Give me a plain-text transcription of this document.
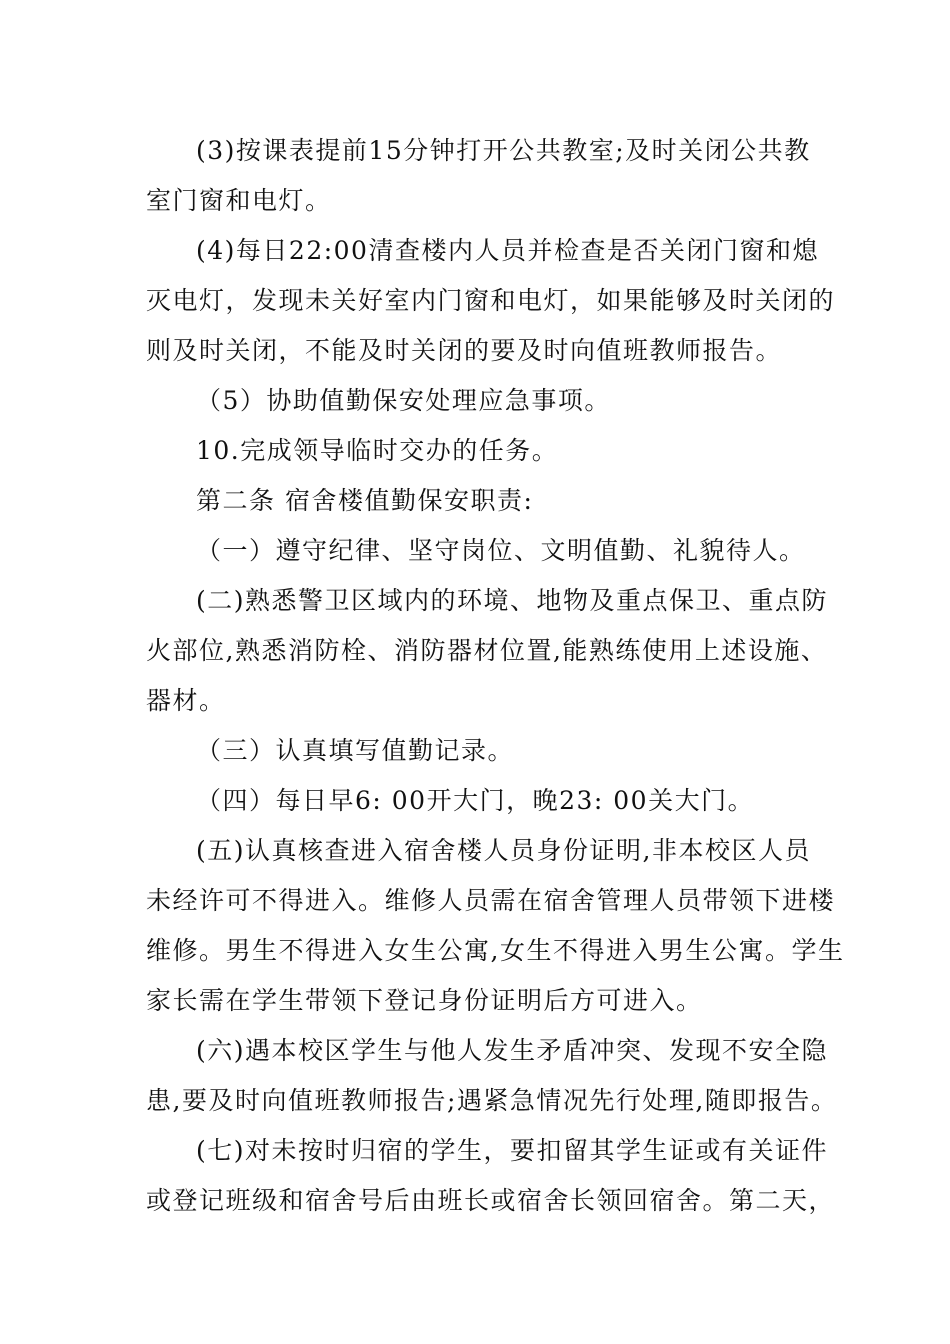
(3)按课表提前15分钟打开公共教室;及时关闭公共教
室门窗和电灯。
(4)每日22:00清查楼内人员并检查是否关闭门窗和熄
灭电灯，发现未关好室内门窗和电灯，如果能够及时关闭的
则及时关闭，不能及时关闭的要及时向值班教师报告。
（5）协助值勤保安处理应急事项。
10.完成领导临时交办的任务。
第二条 宿舍楼值勤保安职责:
（一）遵守纪律、坚守岗位、文明值勤、礼貌待人。
(二)熟悉警卫区域内的环境、地物及重点保卫、重点防
火部位,熟悉消防栓、消防器材位置,能熟练使用上述设施、
器材。
（三）认真填写值勤记录。
（四）每日早6: 00开大门，晚23: 00关大门。
(五)认真核查进入宿舍楼人员身份证明,非本校区人员
未经许可不得进入。维修人员需在宿舍管理人员带领下进楼
维修。男生不得进入女生公寓,女生不得进入男生公寓。学生
家长需在学生带领下登记身份证明后方可进入。
(六)遇本校区学生与他人发生矛盾冲突、发现不安全隐
患,要及时向值班教师报告;遇紧急情况先行处理,随即报告。
(七)对未按时归宿的学生，要扣留其学生证或有关证件
或登记班级和宿舍号后由班长或宿舍长领回宿舍。第二天，
